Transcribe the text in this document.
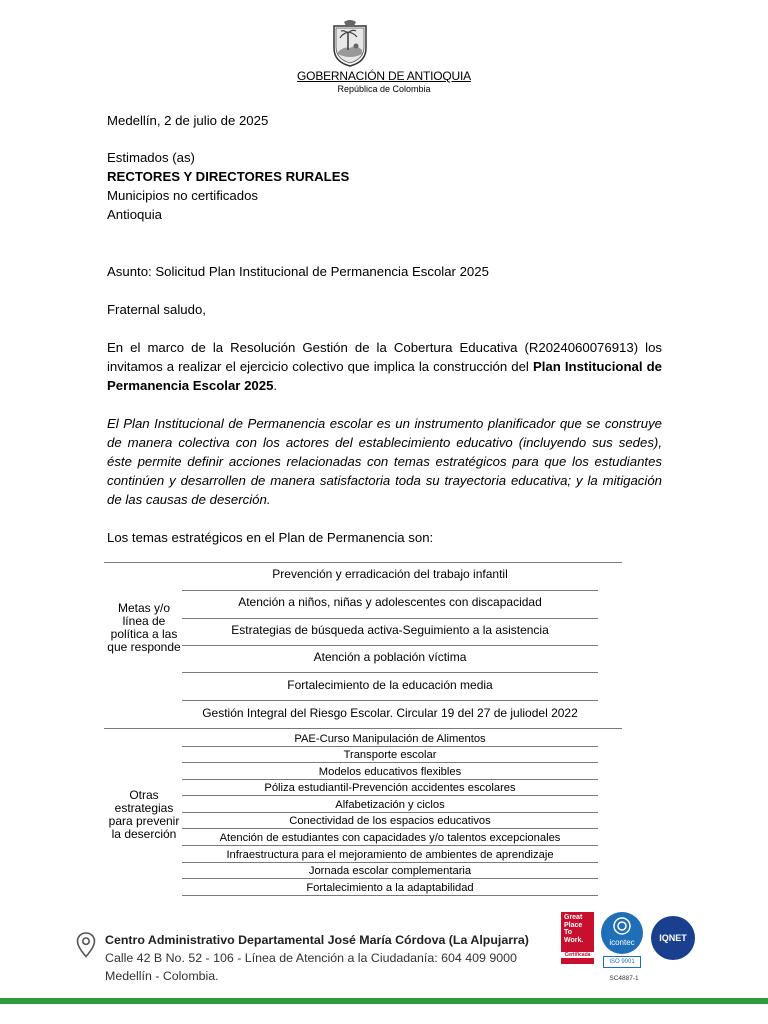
GOBERNACIÓN DE ANTIOQUIA
República de Colombia
Medellín, 2 de julio de 2025
Estimados (as)
RECTORES Y DIRECTORES RURALES
Municipios no certificados
Antioquia
Asunto: Solicitud Plan Institucional de Permanencia Escolar 2025
Fraternal saludo,
En el marco de la Resolución Gestión de la Cobertura Educativa (R2024060076913) los invitamos a realizar el ejercicio colectivo que implica la construcción del Plan Institucional de Permanencia Escolar 2025.
El Plan Institucional de Permanencia escolar es un instrumento planificador que se construye de manera colectiva con los actores del establecimiento educativo (incluyendo sus sedes), éste permite definir acciones relacionadas con temas estratégicos para que los estudiantes continúen y desarrollen de manera satisfactoria toda su trayectoria educativa; y la mitigación de las causas de deserción.
Los temas estratégicos en el Plan de Permanencia son:
Metas y/o línea de política a las que responde
Otras estrategias para prevenir la deserción
Prevención y erradicación del trabajo infantil
Atención a niños, niñas y adolescentes con discapacidad
Estrategias de búsqueda activa-Seguimiento a la asistencia
Atención a población víctima
Fortalecimiento de la educación media
Gestión Integral del Riesgo Escolar. Circular 19 del 27 de juliodel 2022
PAE-Curso Manipulación de Alimentos
Transporte escolar
Modelos educativos flexibles
Póliza estudiantil-Prevención accidentes escolares
Alfabetización y ciclos
Conectividad de los espacios educativos
Atención de estudiantes con capacidades y/o talentos excepcionales
Infraestructura para el mejoramiento de ambientes de aprendizaje
Jornada escolar complementaria
Fortalecimiento a la adaptabilidad
Centro Administrativo Departamental José María Córdova (La Alpujarra)
Calle 42 B No. 52 - 106 - Línea de Atención a la Ciudadanía: 604 409 9000
Medellín - Colombia.
Great
Place
To
Work.
Certificada
icontec
ISO 9001
SC4887-1
IQNET
